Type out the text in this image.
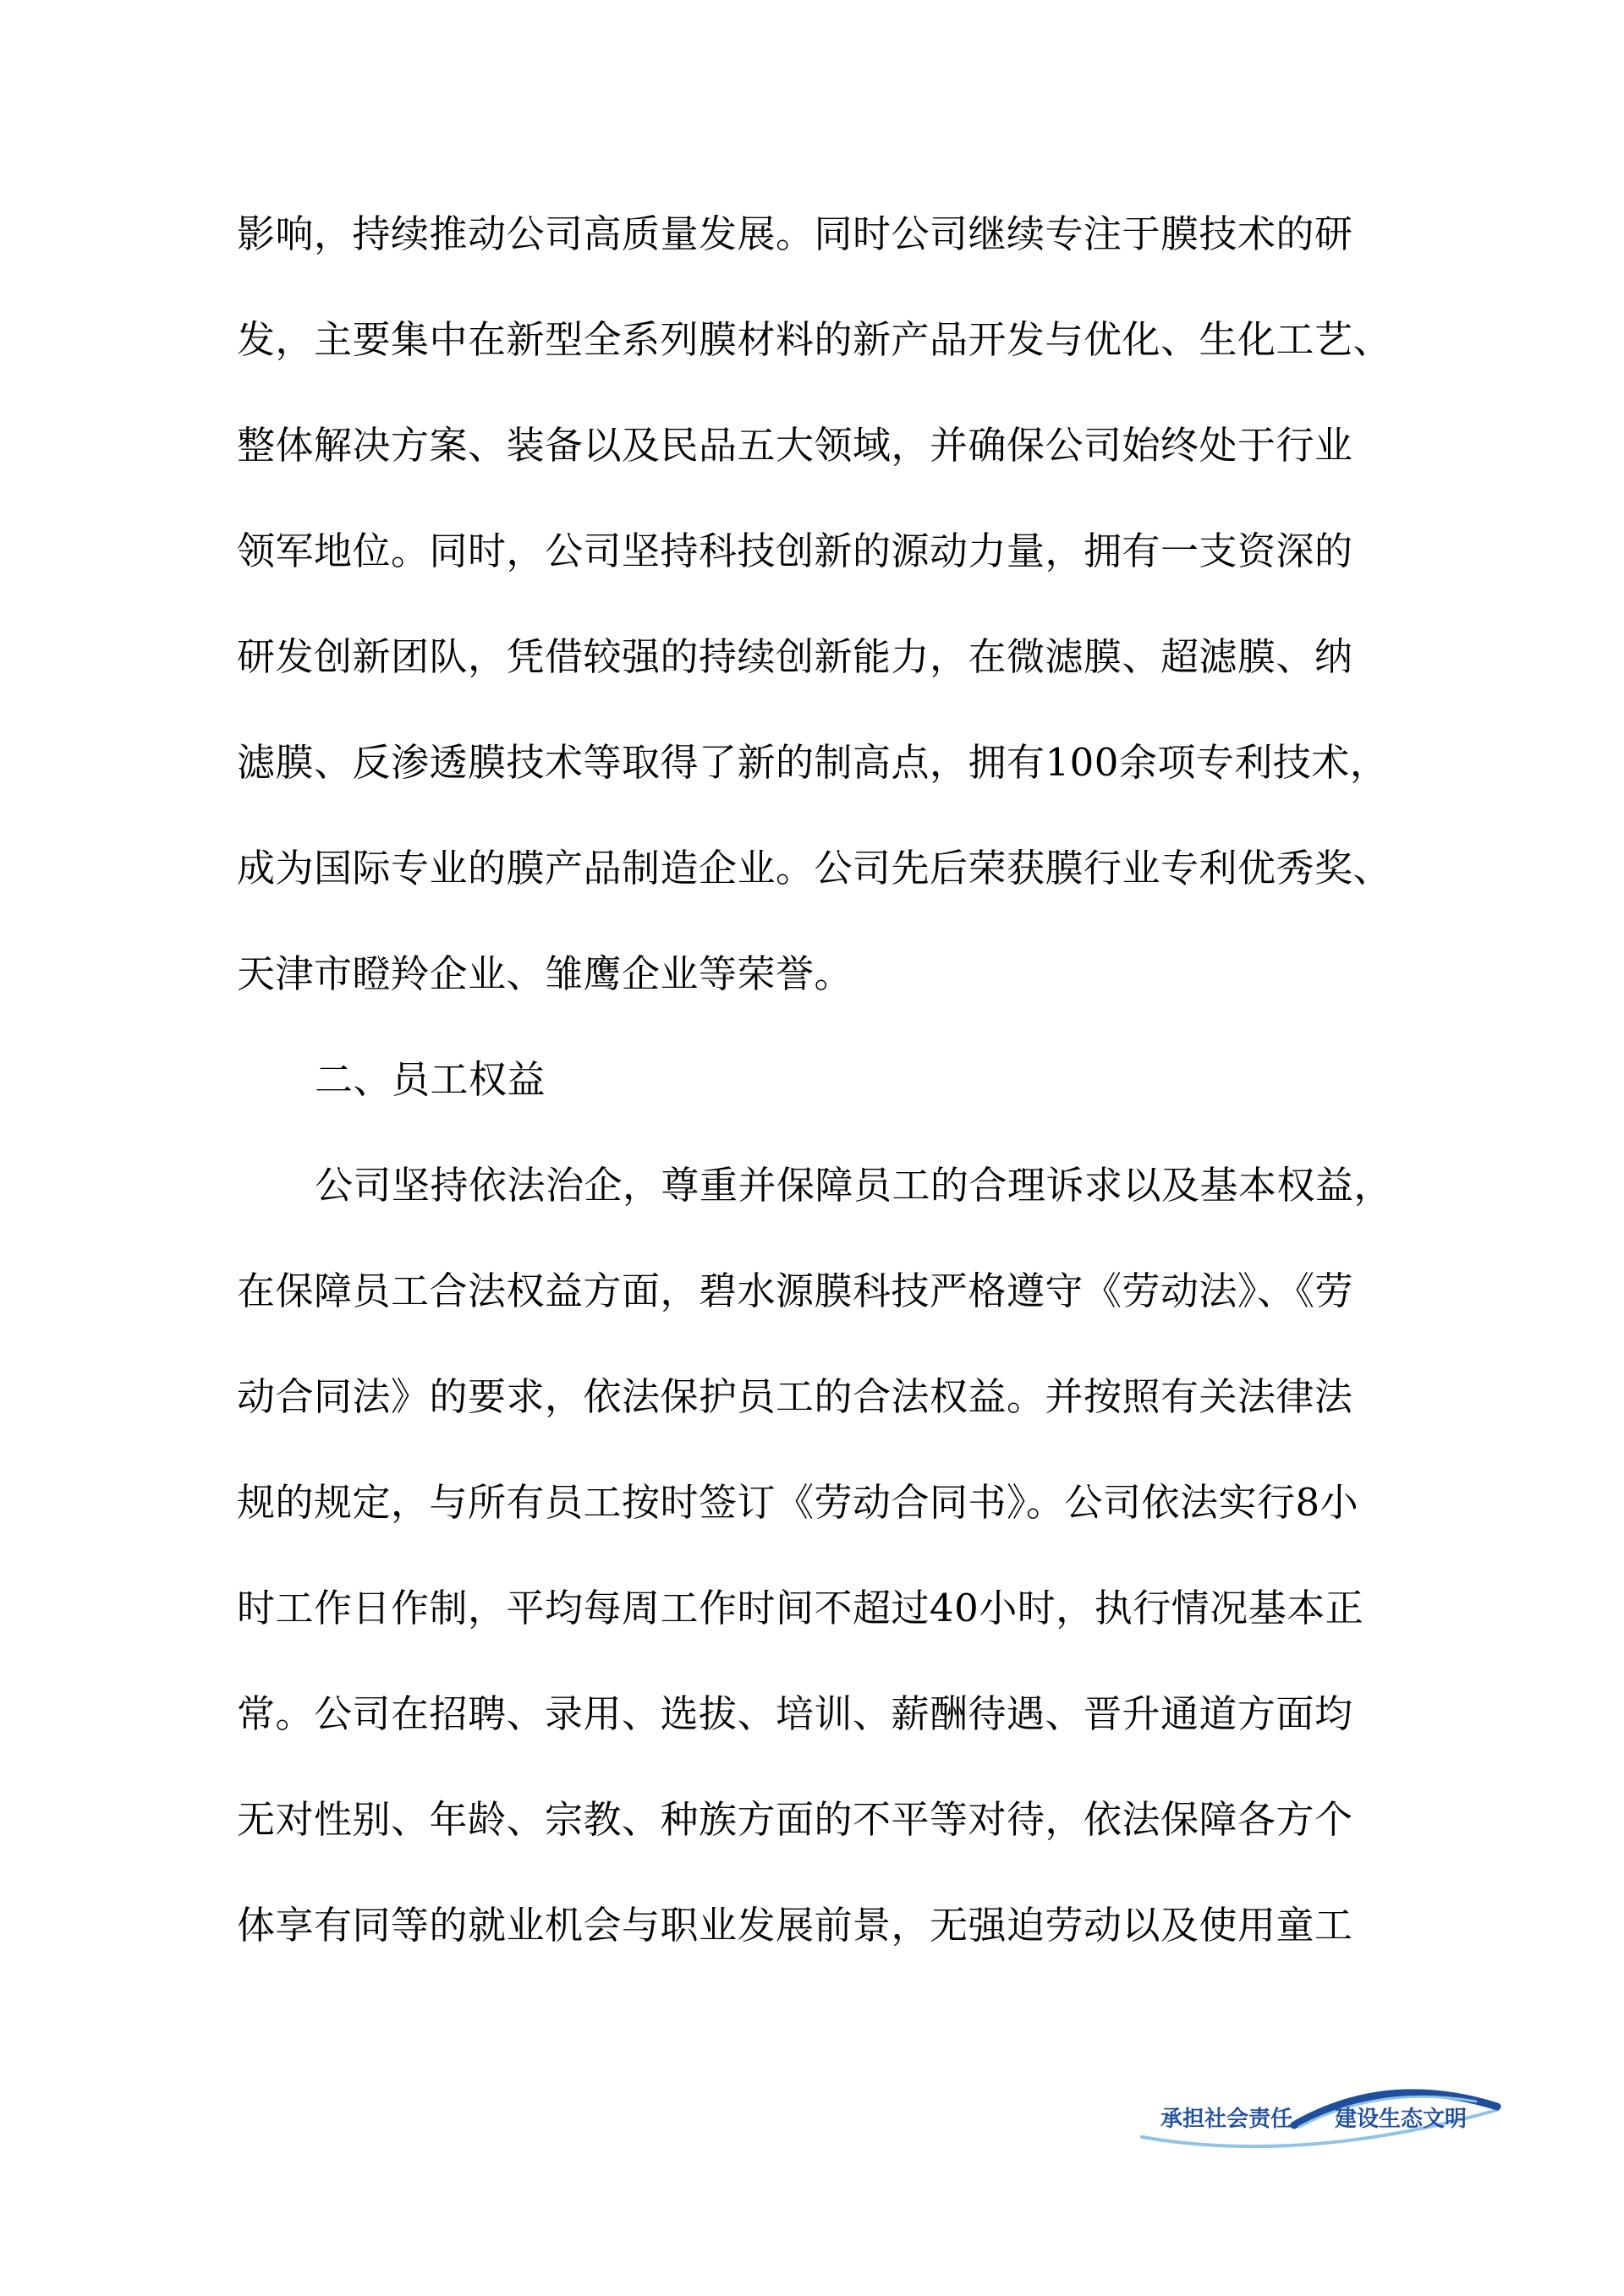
影响，持续推动公司高质量发展。同时公司继续专注于膜技术的研
发，主要集中在新型全系列膜材料的新产品开发与优化、生化工艺、
整体解决方案、装备以及民品五大领域，并确保公司始终处于行业
领军地位。同时，公司坚持科技创新的源动力量，拥有一支资深的
研发创新团队，凭借较强的持续创新能力，在微滤膜、超滤膜、纳
滤膜、反渗透膜技术等取得了新的制高点，拥有100余项专利技术，
成为国际专业的膜产品制造企业。公司先后荣获膜行业专利优秀奖、
天津市瞪羚企业、雏鹰企业等荣誉。
二、员工权益
公司坚持依法治企，尊重并保障员工的合理诉求以及基本权益，
在保障员工合法权益方面，碧水源膜科技严格遵守《劳动法》、《劳
动合同法》的要求，依法保护员工的合法权益。并按照有关法律法
规的规定，与所有员工按时签订《劳动合同书》。公司依法实行8小
时工作日作制，平均每周工作时间不超过40小时，执行情况基本正
常。公司在招聘、录用、选拔、培训、薪酬待遇、晋升通道方面均
无对性别、年龄、宗教、种族方面的不平等对待，依法保障各方个
体享有同等的就业机会与职业发展前景，无强迫劳动以及使用童工
承担社会责任 建设生态文明
